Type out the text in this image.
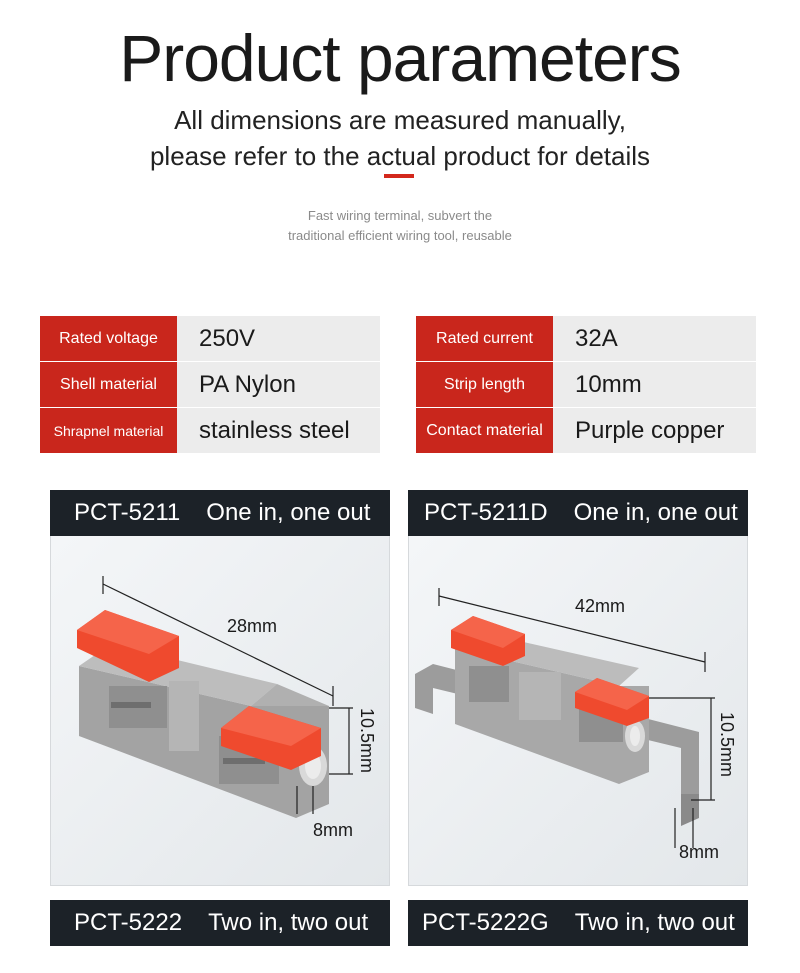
Product parameters
All dimensions are measured manually,
please refer to the actual product for details
Fast wiring terminal, subvert the
traditional efficient wiring tool, reusable
Rated voltage	250V
Shell material	PA Nylon
Shrapnel material	stainless steel
Rated current	32A
Strip length	10mm
Contact material	Purple copper
PCT-5211 One in, one out PCT-5211D One in, one out
28mm
10.5mm
8mm
42mm
10.5mm
8mm
PCT-5222 Two in, two out PCT-5222G Two in, two out
